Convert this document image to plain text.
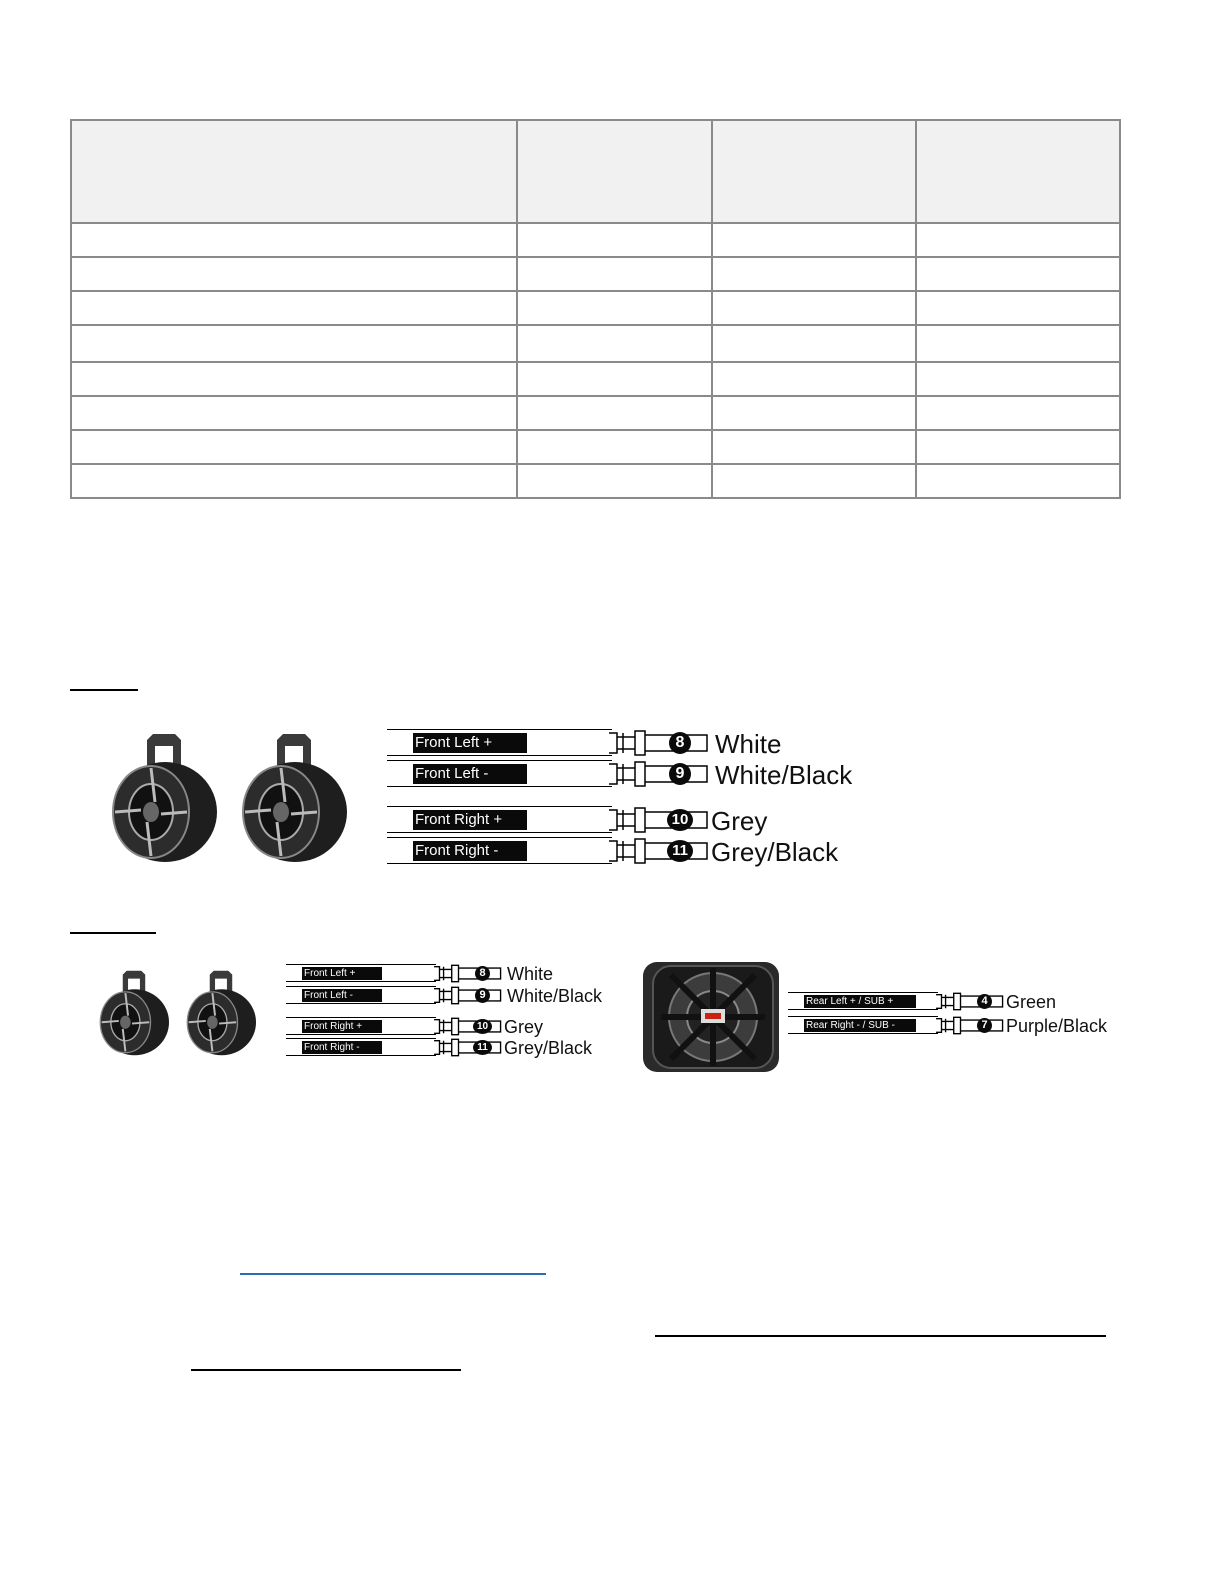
Front Left +	8 White
Front Left -	9 White/Black
Front Right +	10 Grey
Front Right -	11 Grey/Black
Front Left +	8 White
Front Left -	9 White/Black
Front Right +	10 Grey
Front Right -	11 Grey/Black
Rear Left + / SUB +	4 Green
Rear Right - / SUB -	7 Purple/Black
